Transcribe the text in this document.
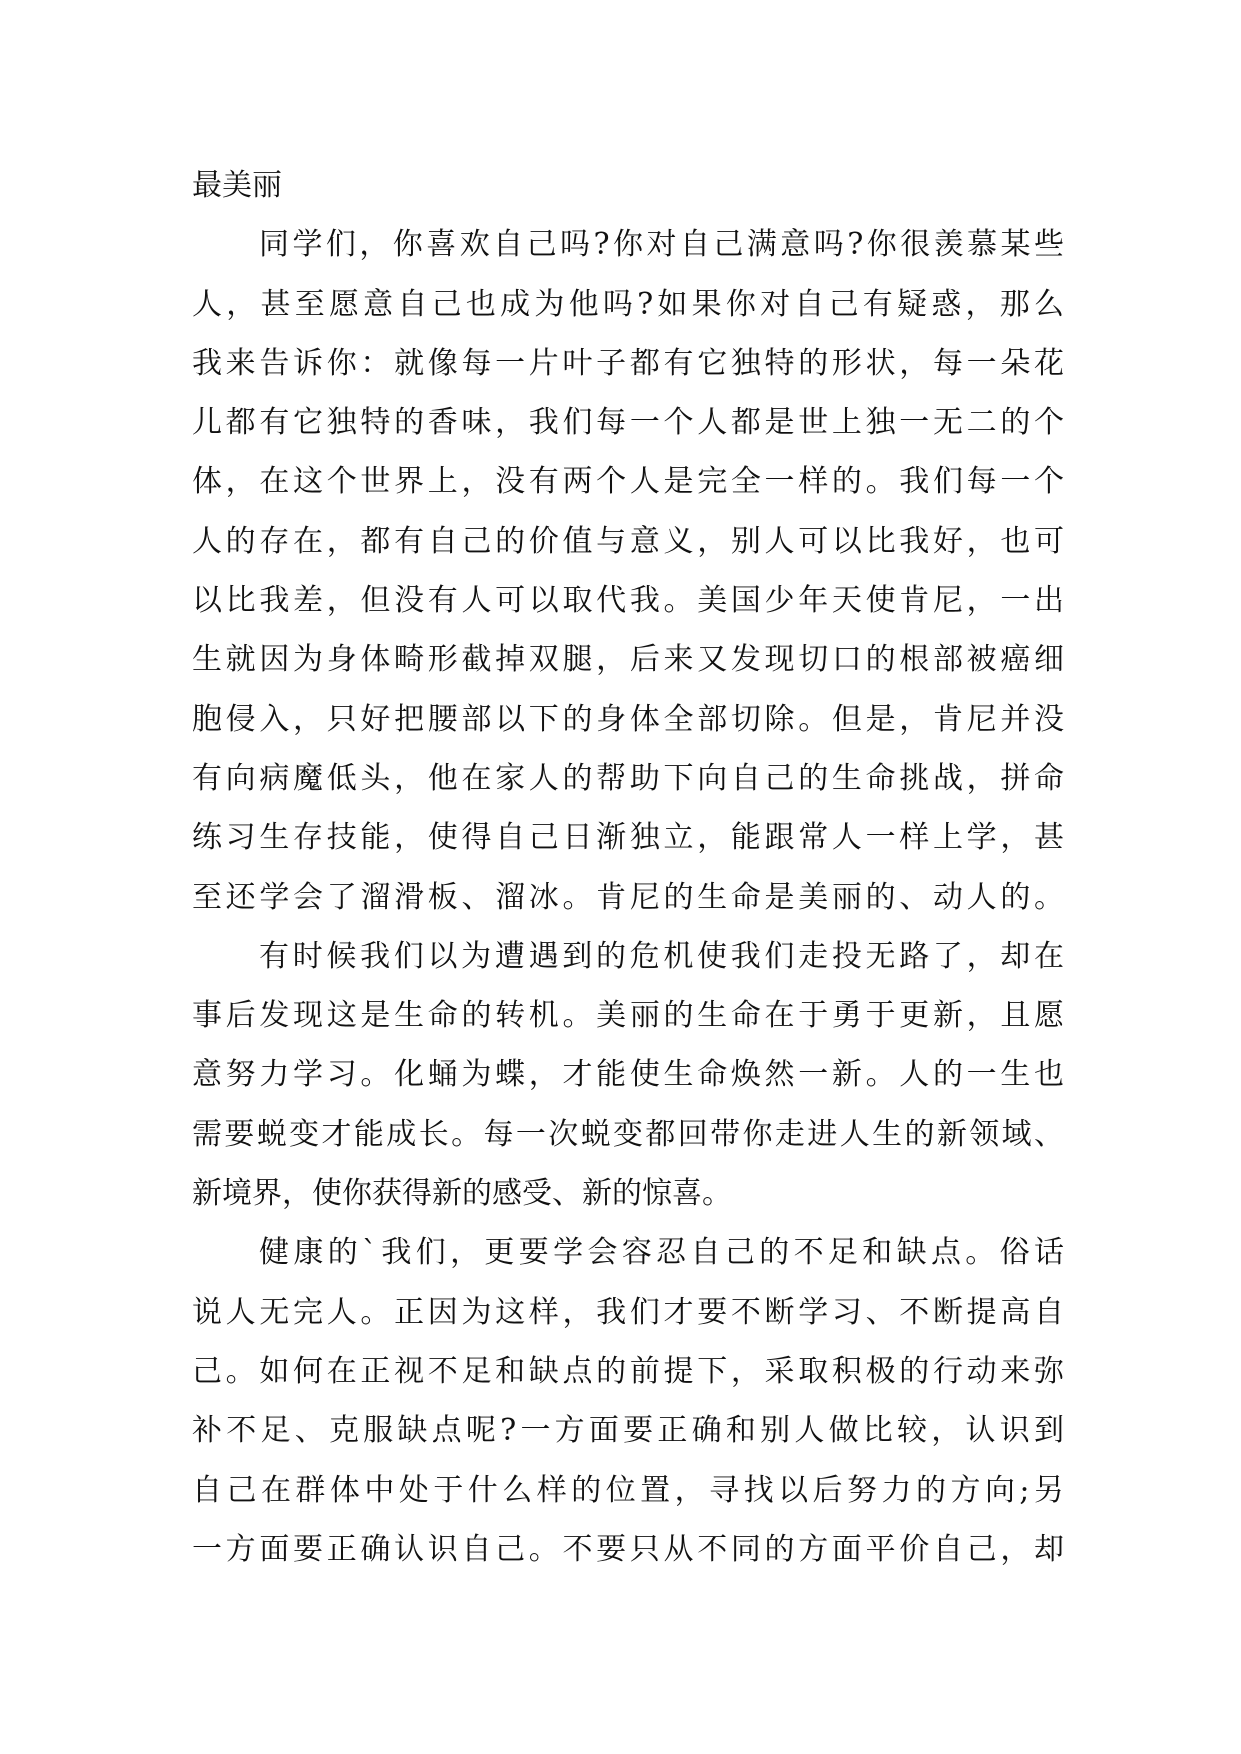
最美丽
同学们，你喜欢自己吗?你对自己满意吗?你很羡慕某些
人，甚至愿意自己也成为他吗?如果你对自己有疑惑，那么
我来告诉你：就像每一片叶子都有它独特的形状，每一朵花
儿都有它独特的香味，我们每一个人都是世上独一无二的个
体，在这个世界上，没有两个人是完全一样的。我们每一个
人的存在，都有自己的价值与意义，别人可以比我好，也可
以比我差，但没有人可以取代我。美国少年天使肯尼，一出
生就因为身体畸形截掉双腿，后来又发现切口的根部被癌细
胞侵入，只好把腰部以下的身体全部切除。但是，肯尼并没
有向病魔低头，他在家人的帮助下向自己的生命挑战，拼命
练习生存技能，使得自己日渐独立，能跟常人一样上学，甚
至还学会了溜滑板、溜冰。肯尼的生命是美丽的、动人的。
有时候我们以为遭遇到的危机使我们走投无路了，却在
事后发现这是生命的转机。美丽的生命在于勇于更新，且愿
意努力学习。化蛹为蝶，才能使生命焕然一新。人的一生也
需要蜕变才能成长。每一次蜕变都回带你走进人生的新领域、
新境界，使你获得新的感受、新的惊喜。
健康的`我们，更要学会容忍自己的不足和缺点。俗话
说人无完人。正因为这样，我们才要不断学习、不断提高自
己。如何在正视不足和缺点的前提下，采取积极的行动来弥
补不足、克服缺点呢?一方面要正确和别人做比较，认识到
自己在群体中处于什么样的位置，寻找以后努力的方向;另
一方面要正确认识自己。不要只从不同的方面平价自己，却
